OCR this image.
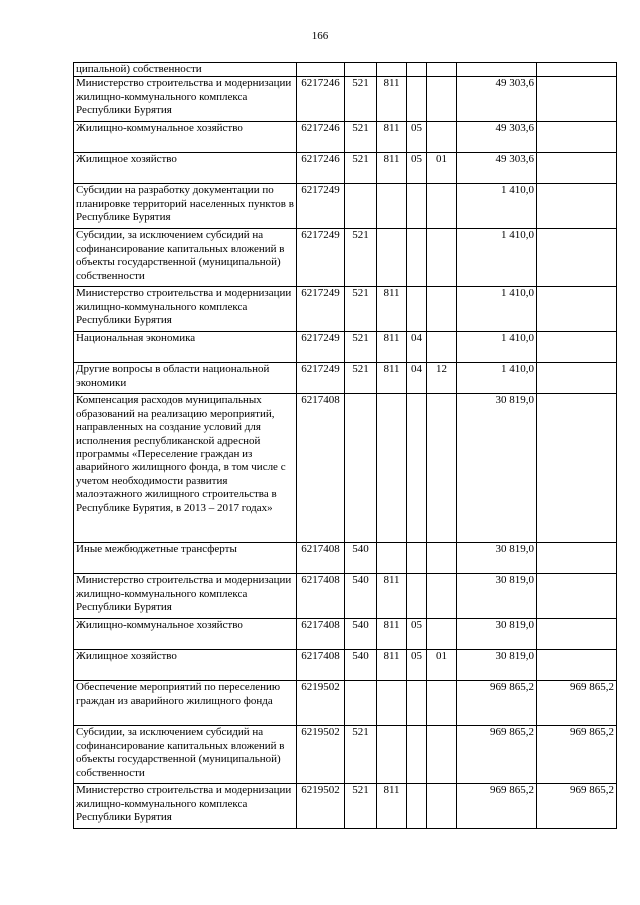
166
ципальной) собственности							
Министерство строительства и модернизации жилищно-коммунального комплекса Республики Бурятия	6217246	521	811			49 303,6	
Жилищно-коммунальное хозяйство	6217246	521	811	05		49 303,6	
Жилищное хозяйство	6217246	521	811	05	01	49 303,6	
Субсидии на разработку документации по планировке территорий населенных пунктов в Республике Бурятия	6217249					1 410,0	
Субсидии, за исключением субсидий на софинансирование капитальных вложений в объекты государственной (муниципальной) собственности	6217249	521				1 410,0	
Министерство строительства и модернизации жилищно-коммунального комплекса Республики Бурятия	6217249	521	811			1 410,0	
Национальная экономика	6217249	521	811	04		1 410,0	
Другие вопросы в области национальной экономики	6217249	521	811	04	12	1 410,0	
Компенсация расходов муниципальных образований на реализацию мероприятий, направленных на создание условий для исполнения республиканской адресной программы «Переселение граждан из аварийного жилищного фонда, в том числе с учетом необходимости развития малоэтажного жилищного строительства в Республике Бурятия, в 2013 – 2017 годах»	6217408					30 819,0	
Иные межбюджетные трансферты	6217408	540				30 819,0	
Министерство строительства и модернизации жилищно-коммунального комплекса Республики Бурятия	6217408	540	811			30 819,0	
Жилищно-коммунальное хозяйство	6217408	540	811	05		30 819,0	
Жилищное хозяйство	6217408	540	811	05	01	30 819,0	
Обеспечение мероприятий по переселению граждан из аварийного жилищного фонда	6219502					969 865,2	969 865,2
Субсидии, за исключением субсидий на софинансирование капитальных вложений в объекты государственной (муниципальной) собственности	6219502	521				969 865,2	969 865,2
Министерство строительства и модернизации жилищно-коммунального комплекса Республики Бурятия	6219502	521	811			969 865,2	969 865,2
